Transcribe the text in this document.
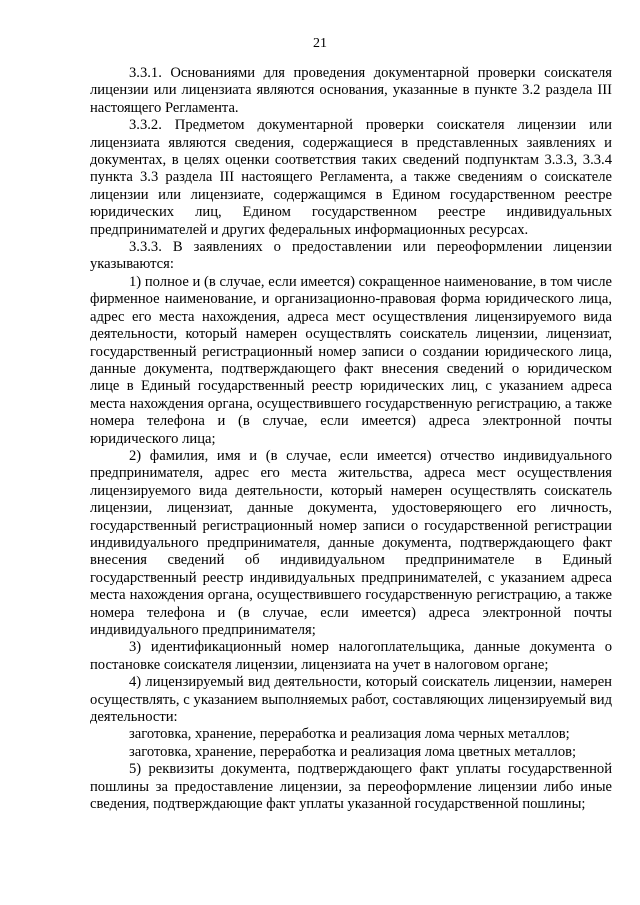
21

3.3.1. Основаниями для проведения документарной проверки соискателя лицензии или лицензиата являются основания, указанные в пункте 3.2 раздела III настоящего Регламента.

3.3.2. Предметом документарной проверки соискателя лицензии или лицензиата являются сведения, содержащиеся в представленных заявлениях и документах, в целях оценки соответствия таких сведений подпунктам 3.3.3, 3.3.4 пункта 3.3 раздела III настоящего Регламента, а также сведениям о соискателе лицензии или лицензиате, содержащимся в Едином государственном реестре юридических лиц, Едином государственном реестре индивидуальных предпринимателей и других федеральных информационных ресурсах.

3.3.3. В заявлениях о предоставлении или переоформлении лицензии указываются:

1) полное и (в случае, если имеется) сокращенное наименование, в том числе фирменное наименование, и организационно-правовая форма юридического лица, адрес его места нахождения, адреса мест осуществления лицензируемого вида деятельности, который намерен осуществлять соискатель лицензии, лицензиат, государственный регистрационный номер записи о создании юридического лица, данные документа, подтверждающего факт внесения сведений о юридическом лице в Единый государственный реестр юридических лиц, с указанием адреса места нахождения органа, осуществившего государственную регистрацию, а также номера телефона и (в случае, если имеется) адреса электронной почты юридического лица;

2) фамилия, имя и (в случае, если имеется) отчество индивидуального предпринимателя, адрес его места жительства, адреса мест осуществления лицензируемого вида деятельности, который намерен осуществлять соискатель лицензии, лицензиат, данные документа, удостоверяющего его личность, государственный регистрационный номер записи о государственной регистрации индивидуального предпринимателя, данные документа, подтверждающего факт внесения сведений об индивидуальном предпринимателе в Единый государственный реестр индивидуальных предпринимателей, с указанием адреса места нахождения органа, осуществившего государственную регистрацию, а также номера телефона и (в случае, если имеется) адреса электронной почты индивидуального предпринимателя;

3) идентификационный номер налогоплательщика, данные документа о постановке соискателя лицензии, лицензиата на учет в налоговом органе;

4) лицензируемый вид деятельности, который соискатель лицензии, намерен осуществлять, с указанием выполняемых работ, составляющих лицензируемый вид деятельности:

заготовка, хранение, переработка и реализация лома черных металлов;

заготовка, хранение, переработка и реализация лома цветных металлов;

5) реквизиты документа, подтверждающего факт уплаты государственной пошлины за предоставление лицензии, за переоформление лицензии либо иные сведения, подтверждающие факт уплаты указанной государственной пошлины;
